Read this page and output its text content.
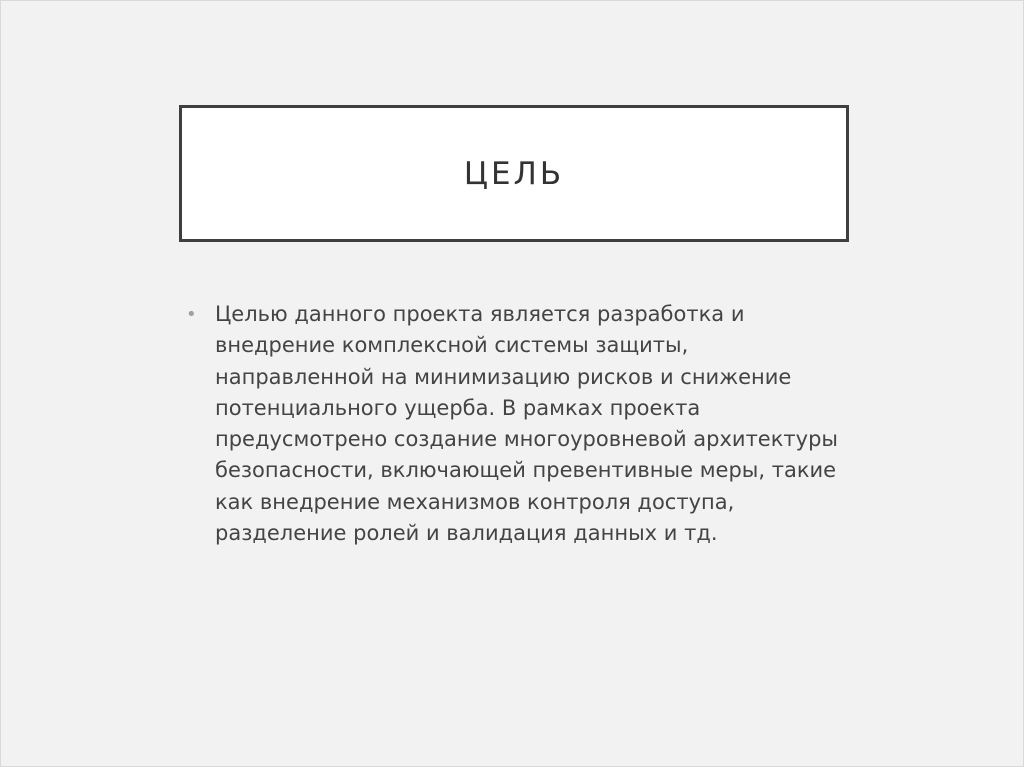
ЦЕЛЬ
• Целью данного проекта является разработка и внедрение комплексной системы защиты, направленной на минимизацию рисков и снижение потенциального ущерба. В рамках проекта предусмотрено создание многоуровневой архитектуры безопасности, включающей превентивные меры, такие как внедрение механизмов контроля доступа, разделение ролей и валидация данных и тд.
